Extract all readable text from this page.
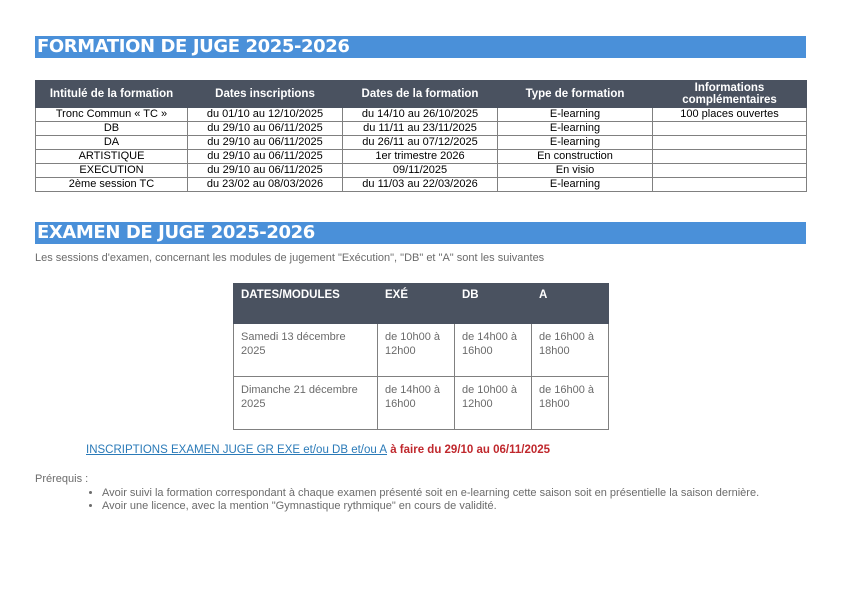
FORMATION DE JUGE 2025-2026
Intitulé de la formation	Dates inscriptions	Dates de la formation	Type de formation	Informations complémentaires
Tronc Commun « TC »	du 01/10 au 12/10/2025	du 14/10 au 26/10/2025	E-learning	100 places ouvertes
DB	du 29/10 au 06/11/2025	du 11/11 au 23/11/2025	E-learning	
DA	du 29/10 au 06/11/2025	du 26/11 au 07/12/2025	E-learning	
ARTISTIQUE	du 29/10 au 06/11/2025	1er trimestre 2026	En construction	
EXECUTION	du 29/10 au 06/11/2025	09/11/2025	En visio	
2ème session TC	du 23/02 au 08/03/2026	du 11/03 au 22/03/2026	E-learning	
EXAMEN DE JUGE 2025-2026
Les sessions d'examen, concernant les modules de jugement "Exécution", "DB" et "A" sont les suivantes
DATES/MODULES	EXÉ	DB	A
Samedi 13 décembre 2025	de 10h00 à 12h00	de 14h00 à 16h00	de 16h00 à 18h00
Dimanche 21 décembre 2025	de 14h00 à 16h00	de 10h00 à 12h00	de 16h00 à 18h00
INSCRIPTIONS EXAMEN JUGE GR EXE et/ou DB et/ou A à faire du 29/10 au 06/11/2025
Prérequis :
• Avoir suivi la formation correspondant à chaque examen présenté soit en e-learning cette saison soit en présentielle la saison dernière.
• Avoir une licence, avec la mention "Gymnastique rythmique" en cours de validité.
